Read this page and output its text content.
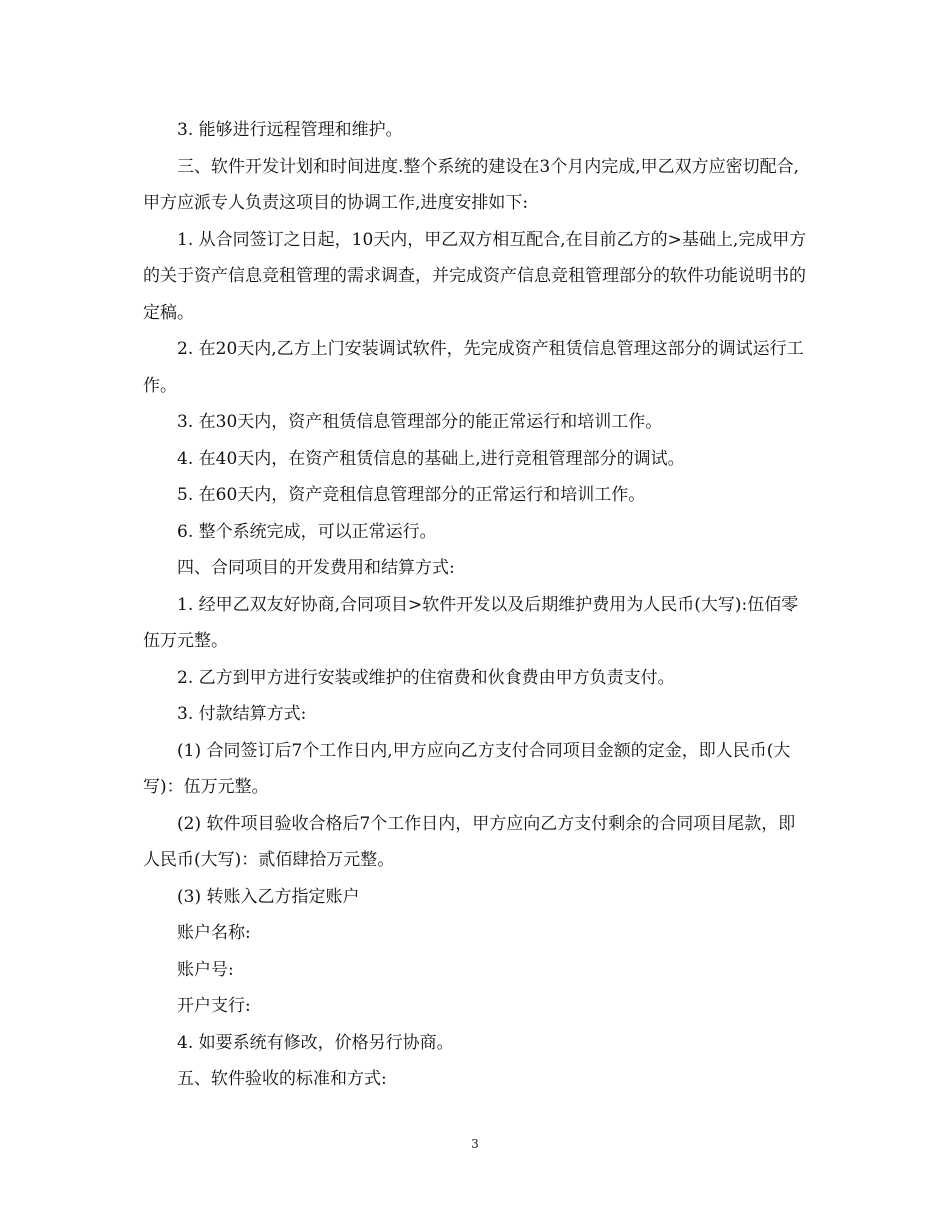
3. 能够进行远程管理和维护。

三、软件开发计划和时间进度.整个系统的建设在3个月内完成,甲乙双方应密切配合,甲方应派专人负责这项目的协调工作,进度安排如下:

1. 从合同签订之日起，10天内，甲乙双方相互配合,在目前乙方的>基础上,完成甲方的关于资产信息竞租管理的需求调查，并完成资产信息竞租管理部分的软件功能说明书的定稿。

2. 在20天内,乙方上门安装调试软件，先完成资产租赁信息管理这部分的调试运行工作。

3. 在30天内，资产租赁信息管理部分的能正常运行和培训工作。

4. 在40天内，在资产租赁信息的基础上,进行竞租管理部分的调试。

5. 在60天内，资产竞租信息管理部分的正常运行和培训工作。

6. 整个系统完成，可以正常运行。

四、合同项目的开发费用和结算方式:

1. 经甲乙双友好协商,合同项目>软件开发以及后期维护费用为人民币(大写):伍佰零伍万元整。

2. 乙方到甲方进行安装或维护的住宿费和伙食费由甲方负责支付。

3. 付款结算方式:

(1) 合同签订后7个工作日内,甲方应向乙方支付合同项目金额的定金，即人民币(大写)：伍万元整。

(2) 软件项目验收合格后7个工作日内，甲方应向乙方支付剩余的合同项目尾款，即人民币(大写)：贰佰肆拾万元整。

(3) 转账入乙方指定账户

账户名称:

账户号:

开户支行:

4. 如要系统有修改，价格另行协商。

五、软件验收的标准和方式:

3
